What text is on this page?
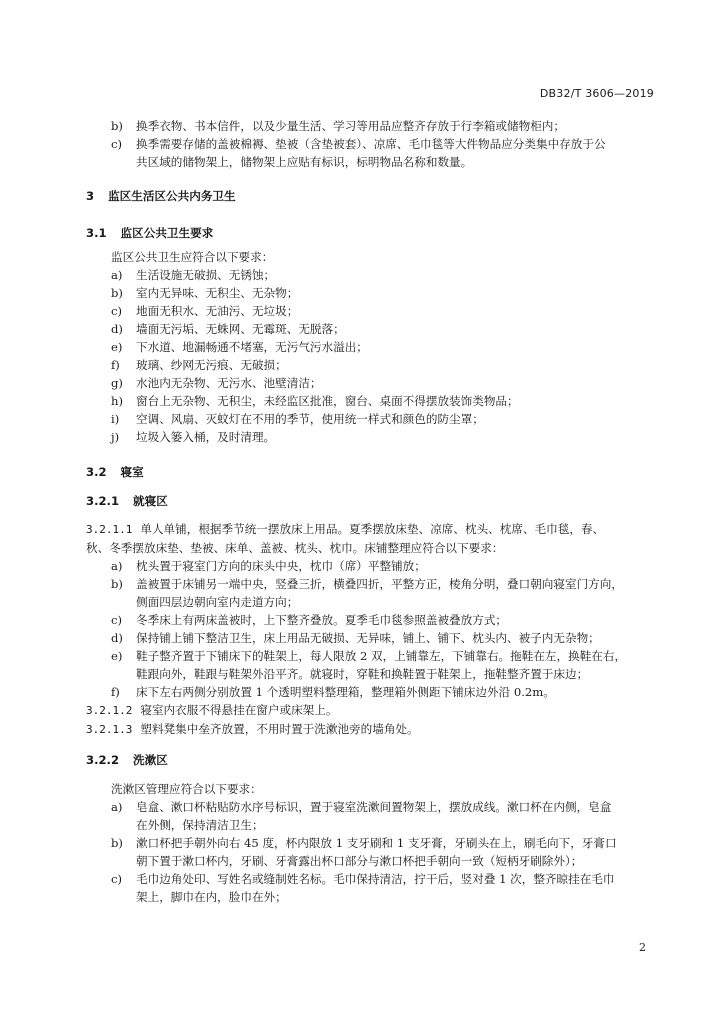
DB32/T 3606—2019
b) 换季衣物、书本信件，以及少量生活、学习等用品应整齐存放于行李箱或储物柜内；
c) 换季需要存储的盖被棉褥、垫被（含垫被套）、凉席、毛巾毯等大件物品应分类集中存放于公
共区域的储物架上，储物架上应贴有标识，标明物品名称和数量。
3 监区生活区公共内务卫生
3.1 监区公共卫生要求
监区公共卫生应符合以下要求：
a) 生活设施无破损、无锈蚀；
b) 室内无异味、无积尘、无杂物；
c) 地面无积水、无油污、无垃圾；
d) 墙面无污垢、无蛛网、无霉斑、无脱落；
e) 下水道、地漏畅通不堵塞，无污气污水溢出；
f) 玻璃、纱网无污痕、无破损；
g) 水池内无杂物、无污水、池壁清洁；
h) 窗台上无杂物、无积尘，未经监区批准，窗台、桌面不得摆放装饰类物品；
i) 空调、风扇、灭蚊灯在不用的季节，使用统一样式和颜色的防尘罩；
j) 垃圾入篓入桶，及时清理。
3.2 寝室
3.2.1 就寝区
3.2.1.1 单人单铺，根据季节统一摆放床上用品。夏季摆放床垫、凉席、枕头、枕席、毛巾毯，春、
秋、冬季摆放床垫、垫被、床单、盖被、枕头、枕巾。床铺整理应符合以下要求：
a) 枕头置于寝室门方向的床头中央，枕巾（席）平整铺放；
b) 盖被置于床铺另一端中央，竖叠三折，横叠四折，平整方正，棱角分明，叠口朝向寝室门方向，
侧面四层边朝向室内走道方向；
c) 冬季床上有两床盖被时，上下整齐叠放。夏季毛巾毯参照盖被叠放方式；
d) 保持铺上铺下整洁卫生，床上用品无破损、无异味，铺上、铺下、枕头内、被子内无杂物；
e) 鞋子整齐置于下铺床下的鞋架上，每人限放 2 双，上铺靠左，下铺靠右。拖鞋在左，换鞋在右，
鞋跟向外，鞋跟与鞋架外沿平齐。就寝时，穿鞋和换鞋置于鞋架上，拖鞋整齐置于床边；
f) 床下左右两侧分别放置 1 个透明塑料整理箱，整理箱外侧距下铺床边外沿 0.2m。
3.2.1.2 寝室内衣服不得悬挂在窗户或床架上。
3.2.1.3 塑料凳集中垒齐放置，不用时置于洗漱池旁的墙角处。
3.2.2 洗漱区
洗漱区管理应符合以下要求：
a) 皂盒、漱口杯粘贴防水序号标识，置于寝室洗漱间置物架上，摆放成线。漱口杯在内侧，皂盒
在外侧，保持清洁卫生；
b) 漱口杯把手朝外向右 45 度，杯内限放 1 支牙刷和 1 支牙膏，牙刷头在上，刷毛向下，牙膏口
朝下置于漱口杯内，牙刷、牙膏露出杯口部分与漱口杯把手朝向一致（短柄牙刷除外）；
c) 毛巾边角处印、写姓名或缝制姓名标。毛巾保持清洁，拧干后，竖对叠 1 次，整齐晾挂在毛巾
架上，脚巾在内，脸巾在外；
2
